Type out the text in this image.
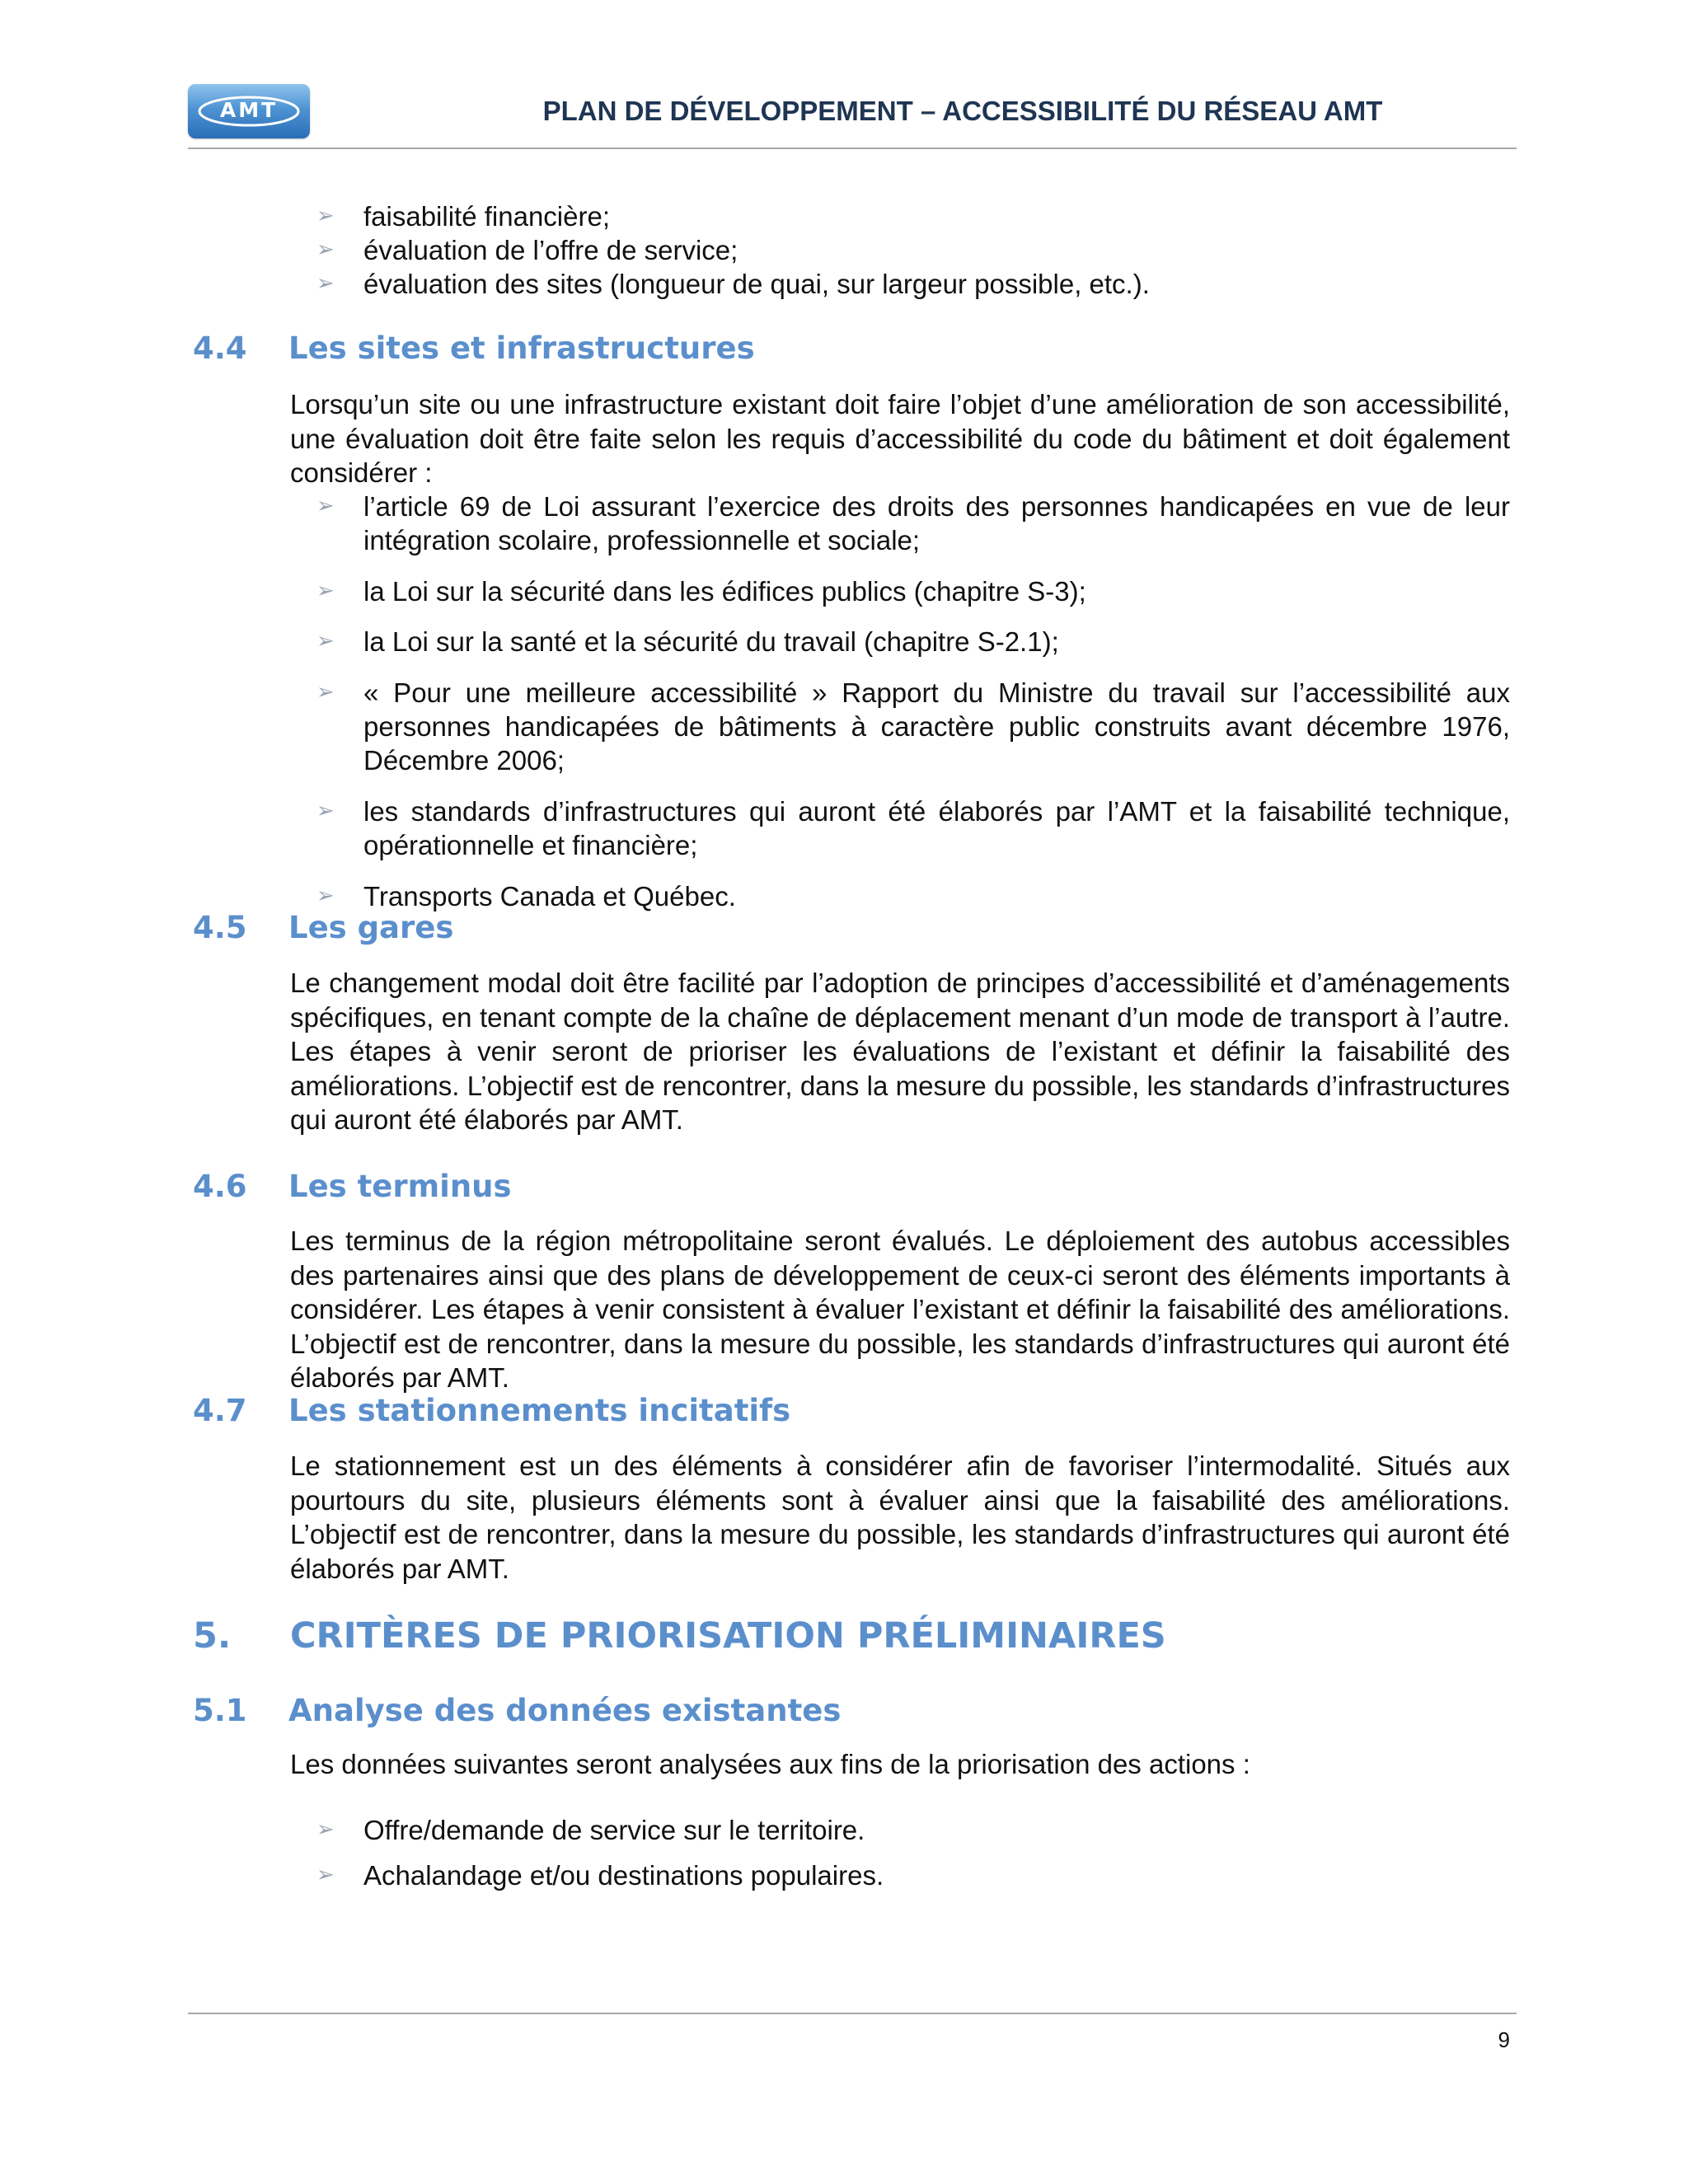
AMT	PLAN DE DÉVELOPPEMENT – ACCESSIBILITÉ DU RÉSEAU AMT
➢ faisabilité financière;
➢ évaluation de l’offre de service;
➢ évaluation des sites (longueur de quai, sur largeur possible, etc.).
4.4 Les sites et infrastructures
Lorsqu’un site ou une infrastructure existant doit faire l’objet d’une amélioration de son accessibilité, une évaluation doit être faite selon les requis d’accessibilité du code du bâtiment et doit également considérer :
➢ l’article 69 de Loi assurant l’exercice des droits des personnes handicapées en vue de leur intégration scolaire, professionnelle et sociale;
➢ la Loi sur la sécurité dans les édifices publics (chapitre S-3);
➢ la Loi sur la santé et la sécurité du travail (chapitre S-2.1);
➢ « Pour une meilleure accessibilité » Rapport du Ministre du travail sur l’accessibilité aux personnes handicapées de bâtiments à caractère public construits avant décembre 1976, Décembre 2006;
➢ les standards d’infrastructures qui auront été élaborés par l’AMT et la faisabilité technique, opérationnelle et financière;
➢ Transports Canada et Québec.
4.5 Les gares
Le changement modal doit être facilité par l’adoption de principes d’accessibilité et d’aménagements spécifiques, en tenant compte de la chaîne de déplacement menant d’un mode de transport à l’autre. Les étapes à venir seront de prioriser les évaluations de l’existant et définir la faisabilité des améliorations. L’objectif est de rencontrer, dans la mesure du possible, les standards d’infrastructures qui auront été élaborés par AMT.
4.6 Les terminus
Les terminus de la région métropolitaine seront évalués. Le déploiement des autobus accessibles des partenaires ainsi que des plans de développement de ceux-ci seront des éléments importants à considérer. Les étapes à venir consistent à évaluer l’existant et définir la faisabilité des améliorations. L’objectif est de rencontrer, dans la mesure du possible, les standards d’infrastructures qui auront été élaborés par AMT.
4.7 Les stationnements incitatifs
Le stationnement est un des éléments à considérer afin de favoriser l’intermodalité. Situés aux pourtours du site, plusieurs éléments sont à évaluer ainsi que la faisabilité des améliorations. L’objectif est de rencontrer, dans la mesure du possible, les standards d’infrastructures qui auront été élaborés par AMT.
5. CRITÈRES DE PRIORISATION PRÉLIMINAIRES
5.1 Analyse des données existantes
Les données suivantes seront analysées aux fins de la priorisation des actions :
➢ Offre/demande de service sur le territoire.
➢ Achalandage et/ou destinations populaires.
9
